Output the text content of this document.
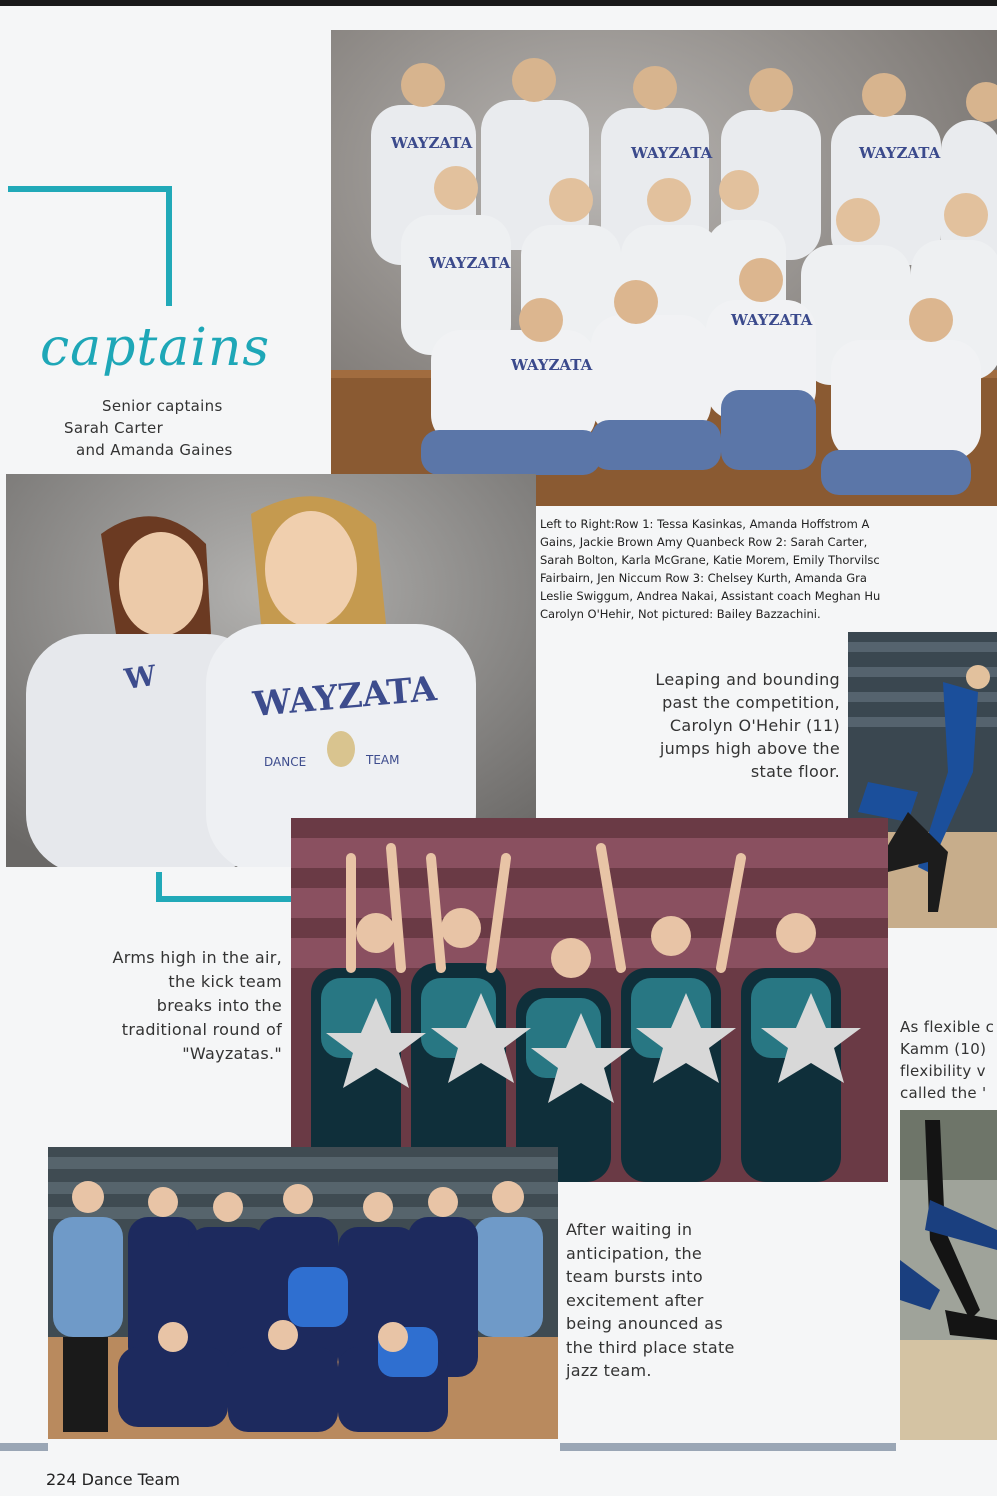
WAYZATA
WAYZATA	WAYZATA
WAYZATA
WAYZATA
WAYZATA
captains
Senior captains
Sarah Carter
and Amanda Gaines
WAYZATA
DANCE	TEAM
W
Left to Right:Row 1: Tessa Kasinkas, Amanda Hoffstrom A
Gains, Jackie Brown Amy Quanbeck Row 2: Sarah Carter,
Sarah Bolton, Karla McGrane, Katie Morem, Emily Thorvilsc
Fairbairn, Jen Niccum Row 3: Chelsey Kurth, Amanda Gra
Leslie Swiggum, Andrea Nakai, Assistant coach Meghan Hu
Carolyn O'Hehir, Not pictured: Bailey Bazzachini.
Leaping and bounding
past the competition,
Carolyn O'Hehir (11)
jumps high above the
state floor.
Arms high in the air,
the kick team
breaks into the
traditional round of
"Wayzatas."
As flexible c
Kamm (10)
flexibility v
called the '
After waiting in
anticipation, the
team bursts into
excitement after
being anounced as
the third place state
jazz team.
224 Dance Team
